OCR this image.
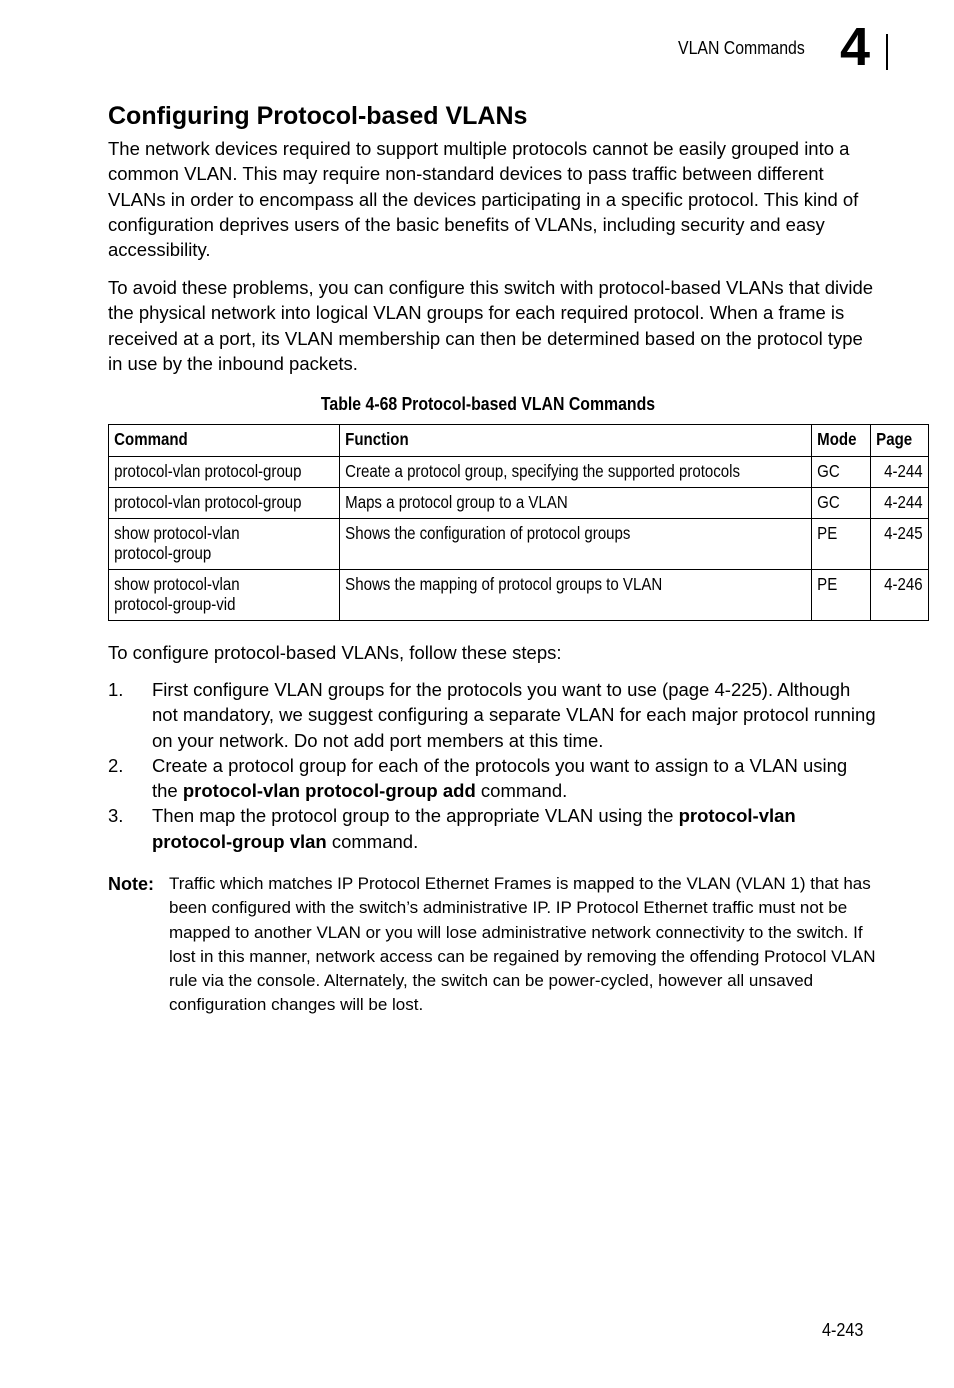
VLAN Commands 4
Configuring Protocol-based VLANs

The network devices required to support multiple protocols cannot be easily grouped into a common VLAN. This may require non-standard devices to pass traffic between different VLANs in order to encompass all the devices participating in a specific protocol. This kind of configuration deprives users of the basic benefits of VLANs, including security and easy accessibility.

To avoid these problems, you can configure this switch with protocol-based VLANs that divide the physical network into logical VLAN groups for each required protocol. When a frame is received at a port, its VLAN membership can then be determined based on the protocol type in use by the inbound packets.

Table 4-68 Protocol-based VLAN Commands
Command	Function	Mode	Page

protocol-vlan protocol-group	Create a protocol group, specifying the supported protocols	GC	4-244

protocol-vlan protocol-group	Maps a protocol group to a VLAN	GC	4-244

show protocol-vlan
protocol-group	Shows the configuration of protocol groups	PE	4-245

show protocol-vlan
protocol-group-vid	Shows the mapping of protocol groups to VLAN	PE	4-246

To configure protocol-based VLANs, follow these steps:

1. First configure VLAN groups for the protocols you want to use (page 4-225). Although not mandatory, we suggest configuring a separate VLAN for each major protocol running on your network. Do not add port members at this time.
2. Create a protocol group for each of the protocols you want to assign to a VLAN using the protocol-vlan protocol-group add command.
3. Then map the protocol group to the appropriate VLAN using the protocol-vlan protocol-group vlan command.
Note: Traffic which matches IP Protocol Ethernet Frames is mapped to the VLAN (VLAN 1) that has been configured with the switch’s administrative IP. IP Protocol Ethernet traffic must not be mapped to another VLAN or you will lose administrative network connectivity to the switch. If lost in this manner, network access can be regained by removing the offending Protocol VLAN rule via the console. Alternately, the switch can be power-cycled, however all unsaved configuration changes will be lost.
4-243
